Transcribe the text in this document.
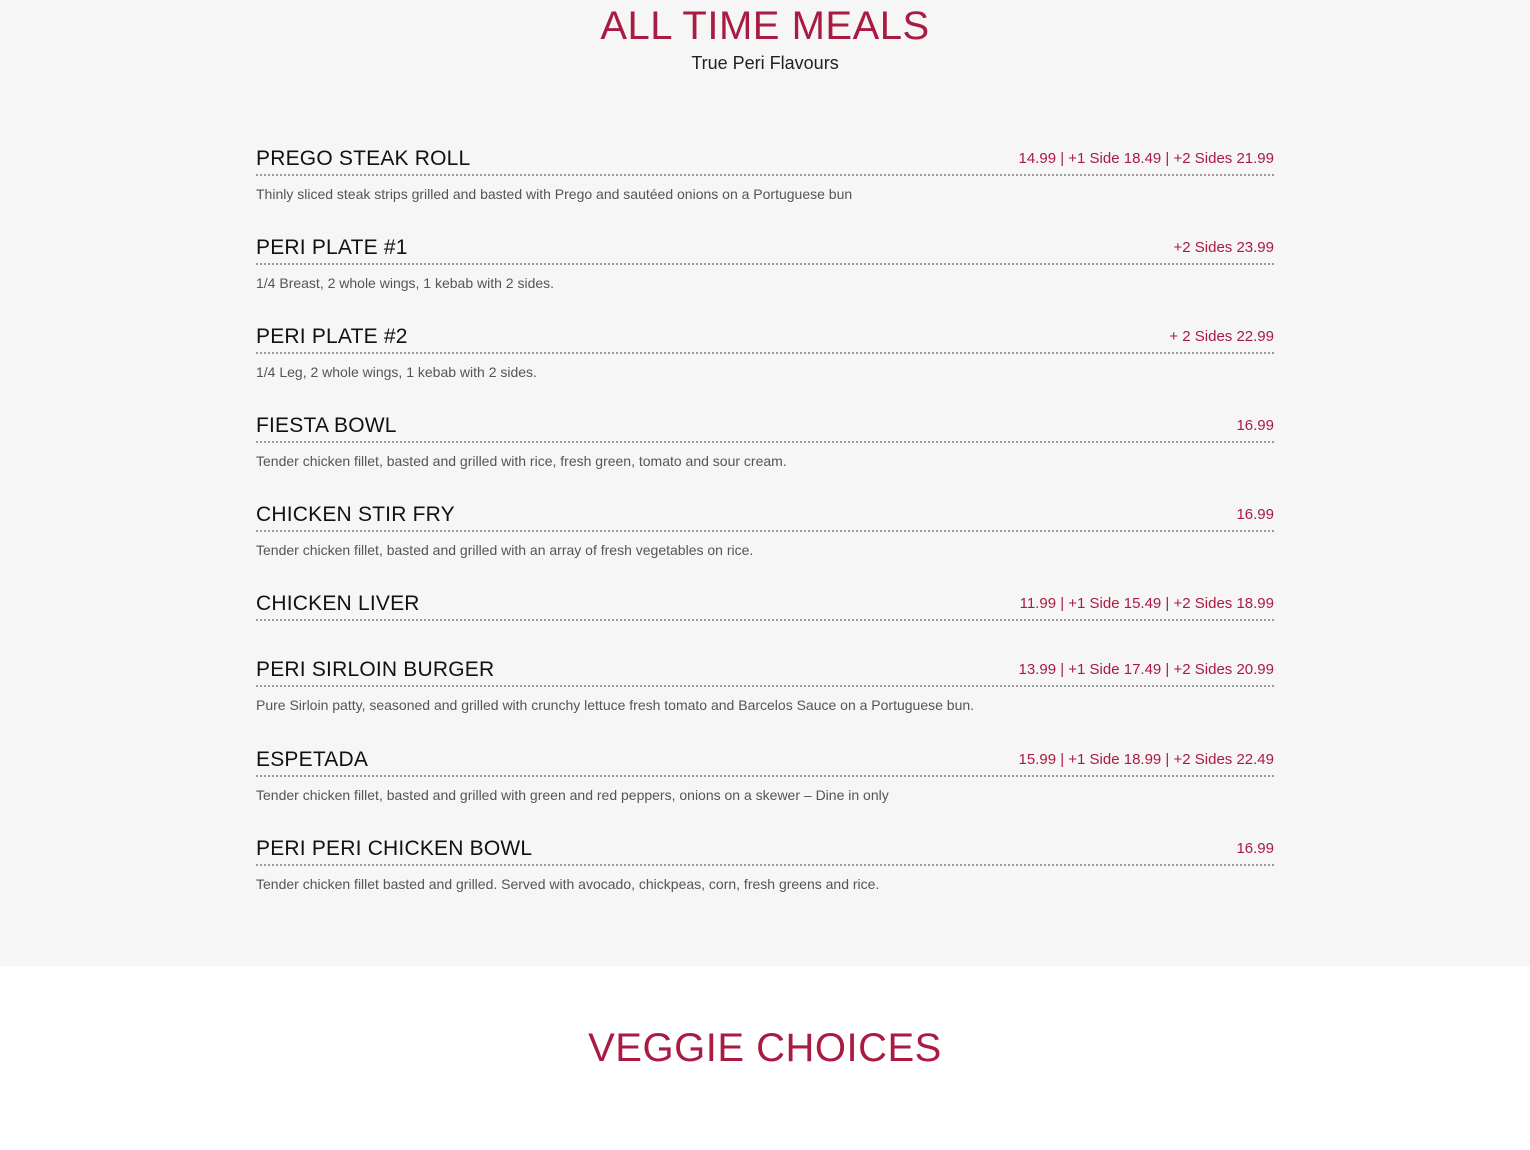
ALL TIME MEALS
True Peri Flavours
PREGO STEAK ROLL	14.99 | +1 Side 18.49 | +2 Sides 21.99
Thinly sliced steak strips grilled and basted with Prego and sautéed onions on a Portuguese bun
PERI PLATE #1	+2 Sides 23.99
1/4 Breast, 2 whole wings, 1 kebab with 2 sides.
PERI PLATE #2	+ 2 Sides 22.99
1/4 Leg, 2 whole wings, 1 kebab with 2 sides.
FIESTA BOWL	16.99
Tender chicken fillet, basted and grilled with rice, fresh green, tomato and sour cream.
CHICKEN STIR FRY	16.99
Tender chicken fillet, basted and grilled with an array of fresh vegetables on rice.
CHICKEN LIVER	11.99 | +1 Side 15.49 | +2 Sides 18.99
PERI SIRLOIN BURGER	13.99 | +1 Side 17.49 | +2 Sides 20.99
Pure Sirloin patty, seasoned and grilled with crunchy lettuce fresh tomato and Barcelos Sauce on a Portuguese bun.
ESPETADA	15.99 | +1 Side 18.99 | +2 Sides 22.49
Tender chicken fillet, basted and grilled with green and red peppers, onions on a skewer – Dine in only
PERI PERI CHICKEN BOWL	16.99
Tender chicken fillet basted and grilled. Served with avocado, chickpeas, corn, fresh greens and rice.
VEGGIE CHOICES
